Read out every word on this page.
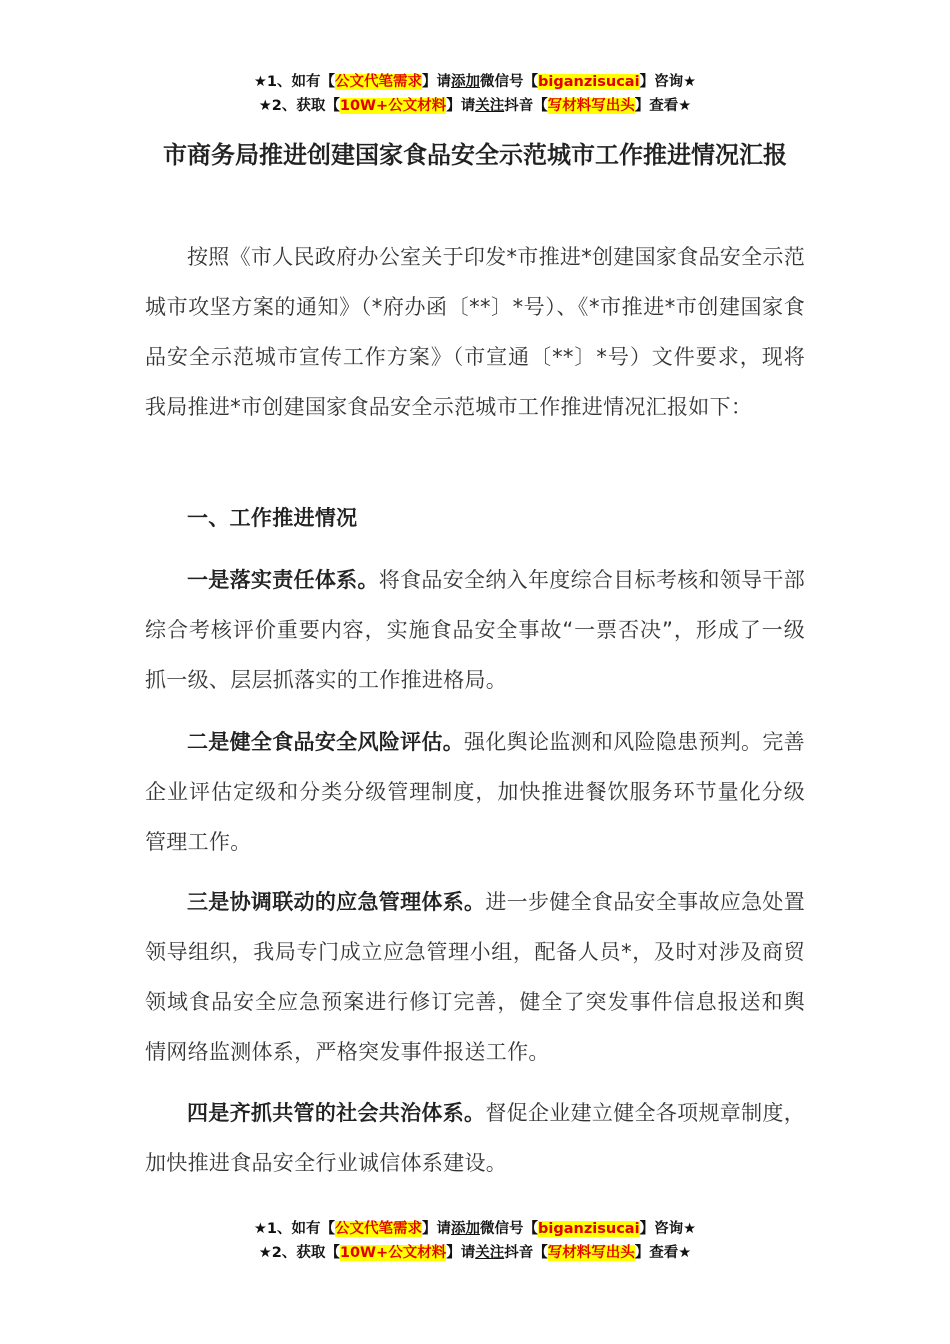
★1、如有【公文代笔需求】请添加微信号【biganzisucai】咨询★
★2、获取【10W+公文材料】请关注抖音【写材料写出头】查看★
市商务局推进创建国家食品安全示范城市工作推进情况汇报

按照《市人民政府办公室关于印发*市推进*创建国家食品安全示范城市攻坚方案的通知》（*府办函〔**〕*号）、《*市推进*市创建国家食品安全示范城市宣传工作方案》（市宣通〔**〕*号）文件要求，现将我局推进*市创建国家食品安全示范城市工作推进情况汇报如下：

一、工作推进情况

一是落实责任体系。将食品安全纳入年度综合目标考核和领导干部综合考核评价重要内容，实施食品安全事故“一票否决”，形成了一级抓一级、层层抓落实的工作推进格局。

二是健全食品安全风险评估。强化舆论监测和风险隐患预判。完善企业评估定级和分类分级管理制度，加快推进餐饮服务环节量化分级管理工作。

三是协调联动的应急管理体系。进一步健全食品安全事故应急处置领导组织，我局专门成立应急管理小组，配备人员*，及时对涉及商贸领域食品安全应急预案进行修订完善，健全了突发事件信息报送和舆情网络监测体系，严格突发事件报送工作。

四是齐抓共管的社会共治体系。督促企业建立健全各项规章制度，加快推进食品安全行业诚信体系建设。

★1、如有【公文代笔需求】请添加微信号【biganzisucai】咨询★
★2、获取【10W+公文材料】请关注抖音【写材料写出头】查看★
